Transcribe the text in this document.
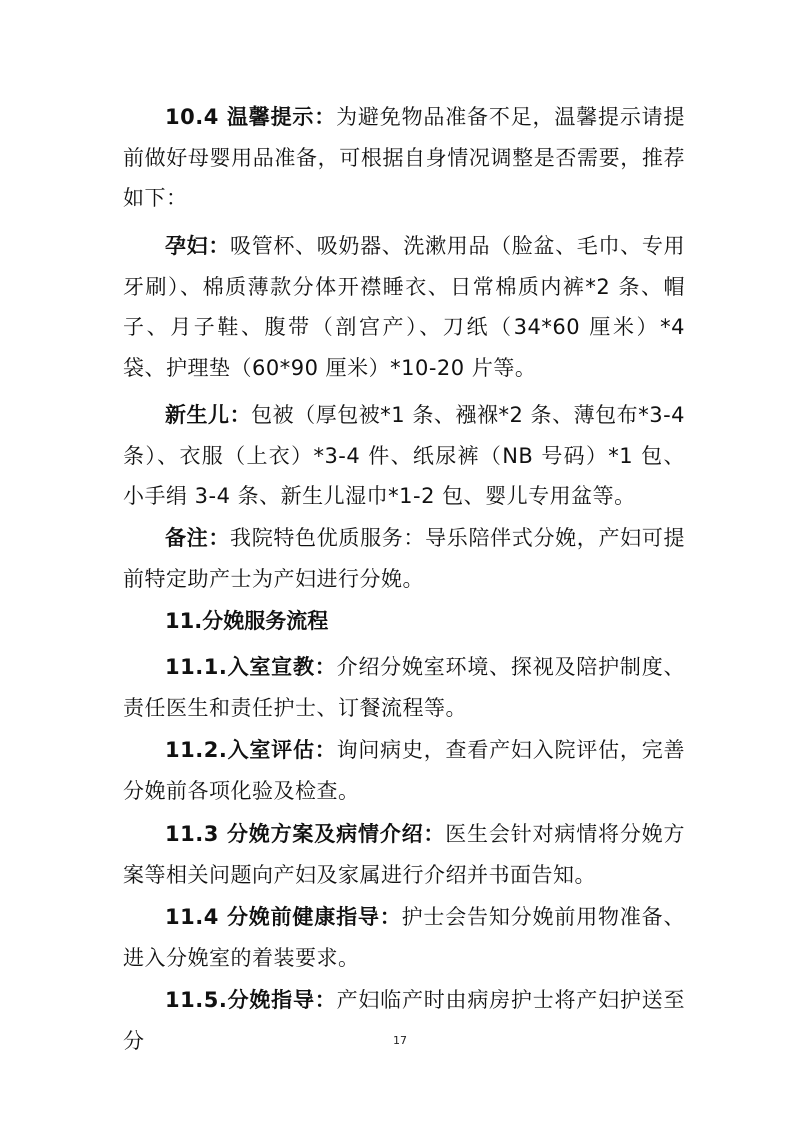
10.4 温馨提示：为避免物品准备不足，温馨提示请提前做好母婴用品准备，可根据自身情况调整是否需要，推荐如下：

孕妇：吸管杯、吸奶器、洗漱用品（脸盆、毛巾、专用牙刷）、棉质薄款分体开襟睡衣、日常棉质内裤*2 条、帽子、月子鞋、腹带（剖宫产）、刀纸（34*60 厘米）*4 袋、护理垫（60*90 厘米）*10-20 片等。

新生儿：包被（厚包被*1 条、襁褓*2 条、薄包布*3-4 条）、衣服（上衣）*3-4 件、纸尿裤（NB 号码）*1 包、小手绢 3-4 条、新生儿湿巾*1-2 包、婴儿专用盆等。

备注：我院特色优质服务：导乐陪伴式分娩，产妇可提前特定助产士为产妇进行分娩。

11.分娩服务流程

11.1.入室宣教：介绍分娩室环境、探视及陪护制度、责任医生和责任护士、订餐流程等。

11.2.入室评估：询问病史，查看产妇入院评估，完善分娩前各项化验及检查。

11.3 分娩方案及病情介绍：医生会针对病情将分娩方案等相关问题向产妇及家属进行介绍并书面告知。

11.4 分娩前健康指导：护士会告知分娩前用物准备、进入分娩室的着装要求。

11.5.分娩指导：产妇临产时由病房护士将产妇护送至分	17
